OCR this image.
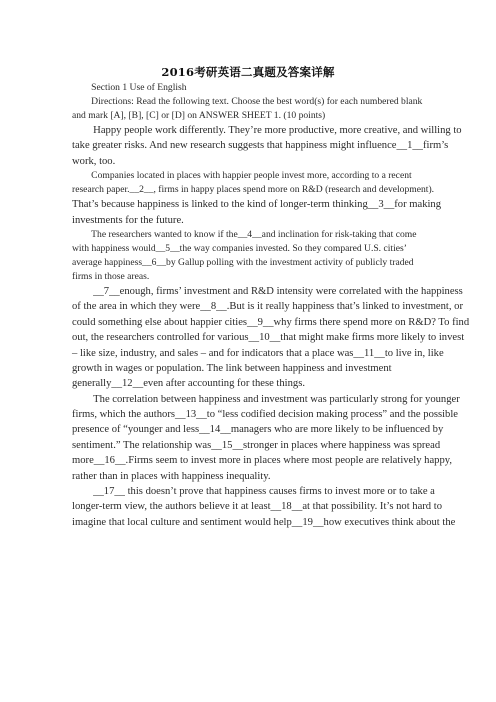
2016考研英语二真题及答案详解
　　Section 1 Use of English
　　Directions: Read the following text. Choose the best word(s) for each numbered blank
and mark [A], [B], [C] or [D] on ANSWER SHEET 1. (10 points)
　　Happy people work differently. They’re more productive, more creative, and willing to
take greater risks. And new research suggests that happiness might influence__1__firm’s
work, too.
　　Companies located in places with happier people invest more, according to a recent
research paper.__2__, firms in happy places spend more on R&D (research and development).
That’s because happiness is linked to the kind of longer-term thinking__3__for making
investments for the future.
　　The researchers wanted to know if the__4__and inclination for risk-taking that come
with happiness would__5__the way companies invested. So they compared U.S. cities’
average happiness__6__by Gallup polling with the investment activity of publicly traded
firms in those areas.
　　__7__enough, firms’ investment and R&D intensity were correlated with the happiness
of the area in which they were__8__.But is it really happiness that’s linked to investment, or
could something else about happier cities__9__why firms there spend more on R&D? To find
out, the researchers controlled for various__10__that might make firms more likely to invest
– like size, industry, and sales – and for indicators that a place was__11__to live in, like
growth in wages or population. The link between happiness and investment
generally__12__even after accounting for these things.
　　The correlation between happiness and investment was particularly strong for younger
firms, which the authors__13__to “less codified decision making process” and the possible
presence of “younger and less__14__managers who are more likely to be influenced by
sentiment.” The relationship was__15__stronger in places where happiness was spread
more__16__.Firms seem to invest more in places where most people are relatively happy,
rather than in places with happiness inequality.
　　__17__ this doesn’t prove that happiness causes firms to invest more or to take a
longer-term view, the authors believe it at least__18__at that possibility. It’s not hard to
imagine that local culture and sentiment would help__19__how executives think about the
